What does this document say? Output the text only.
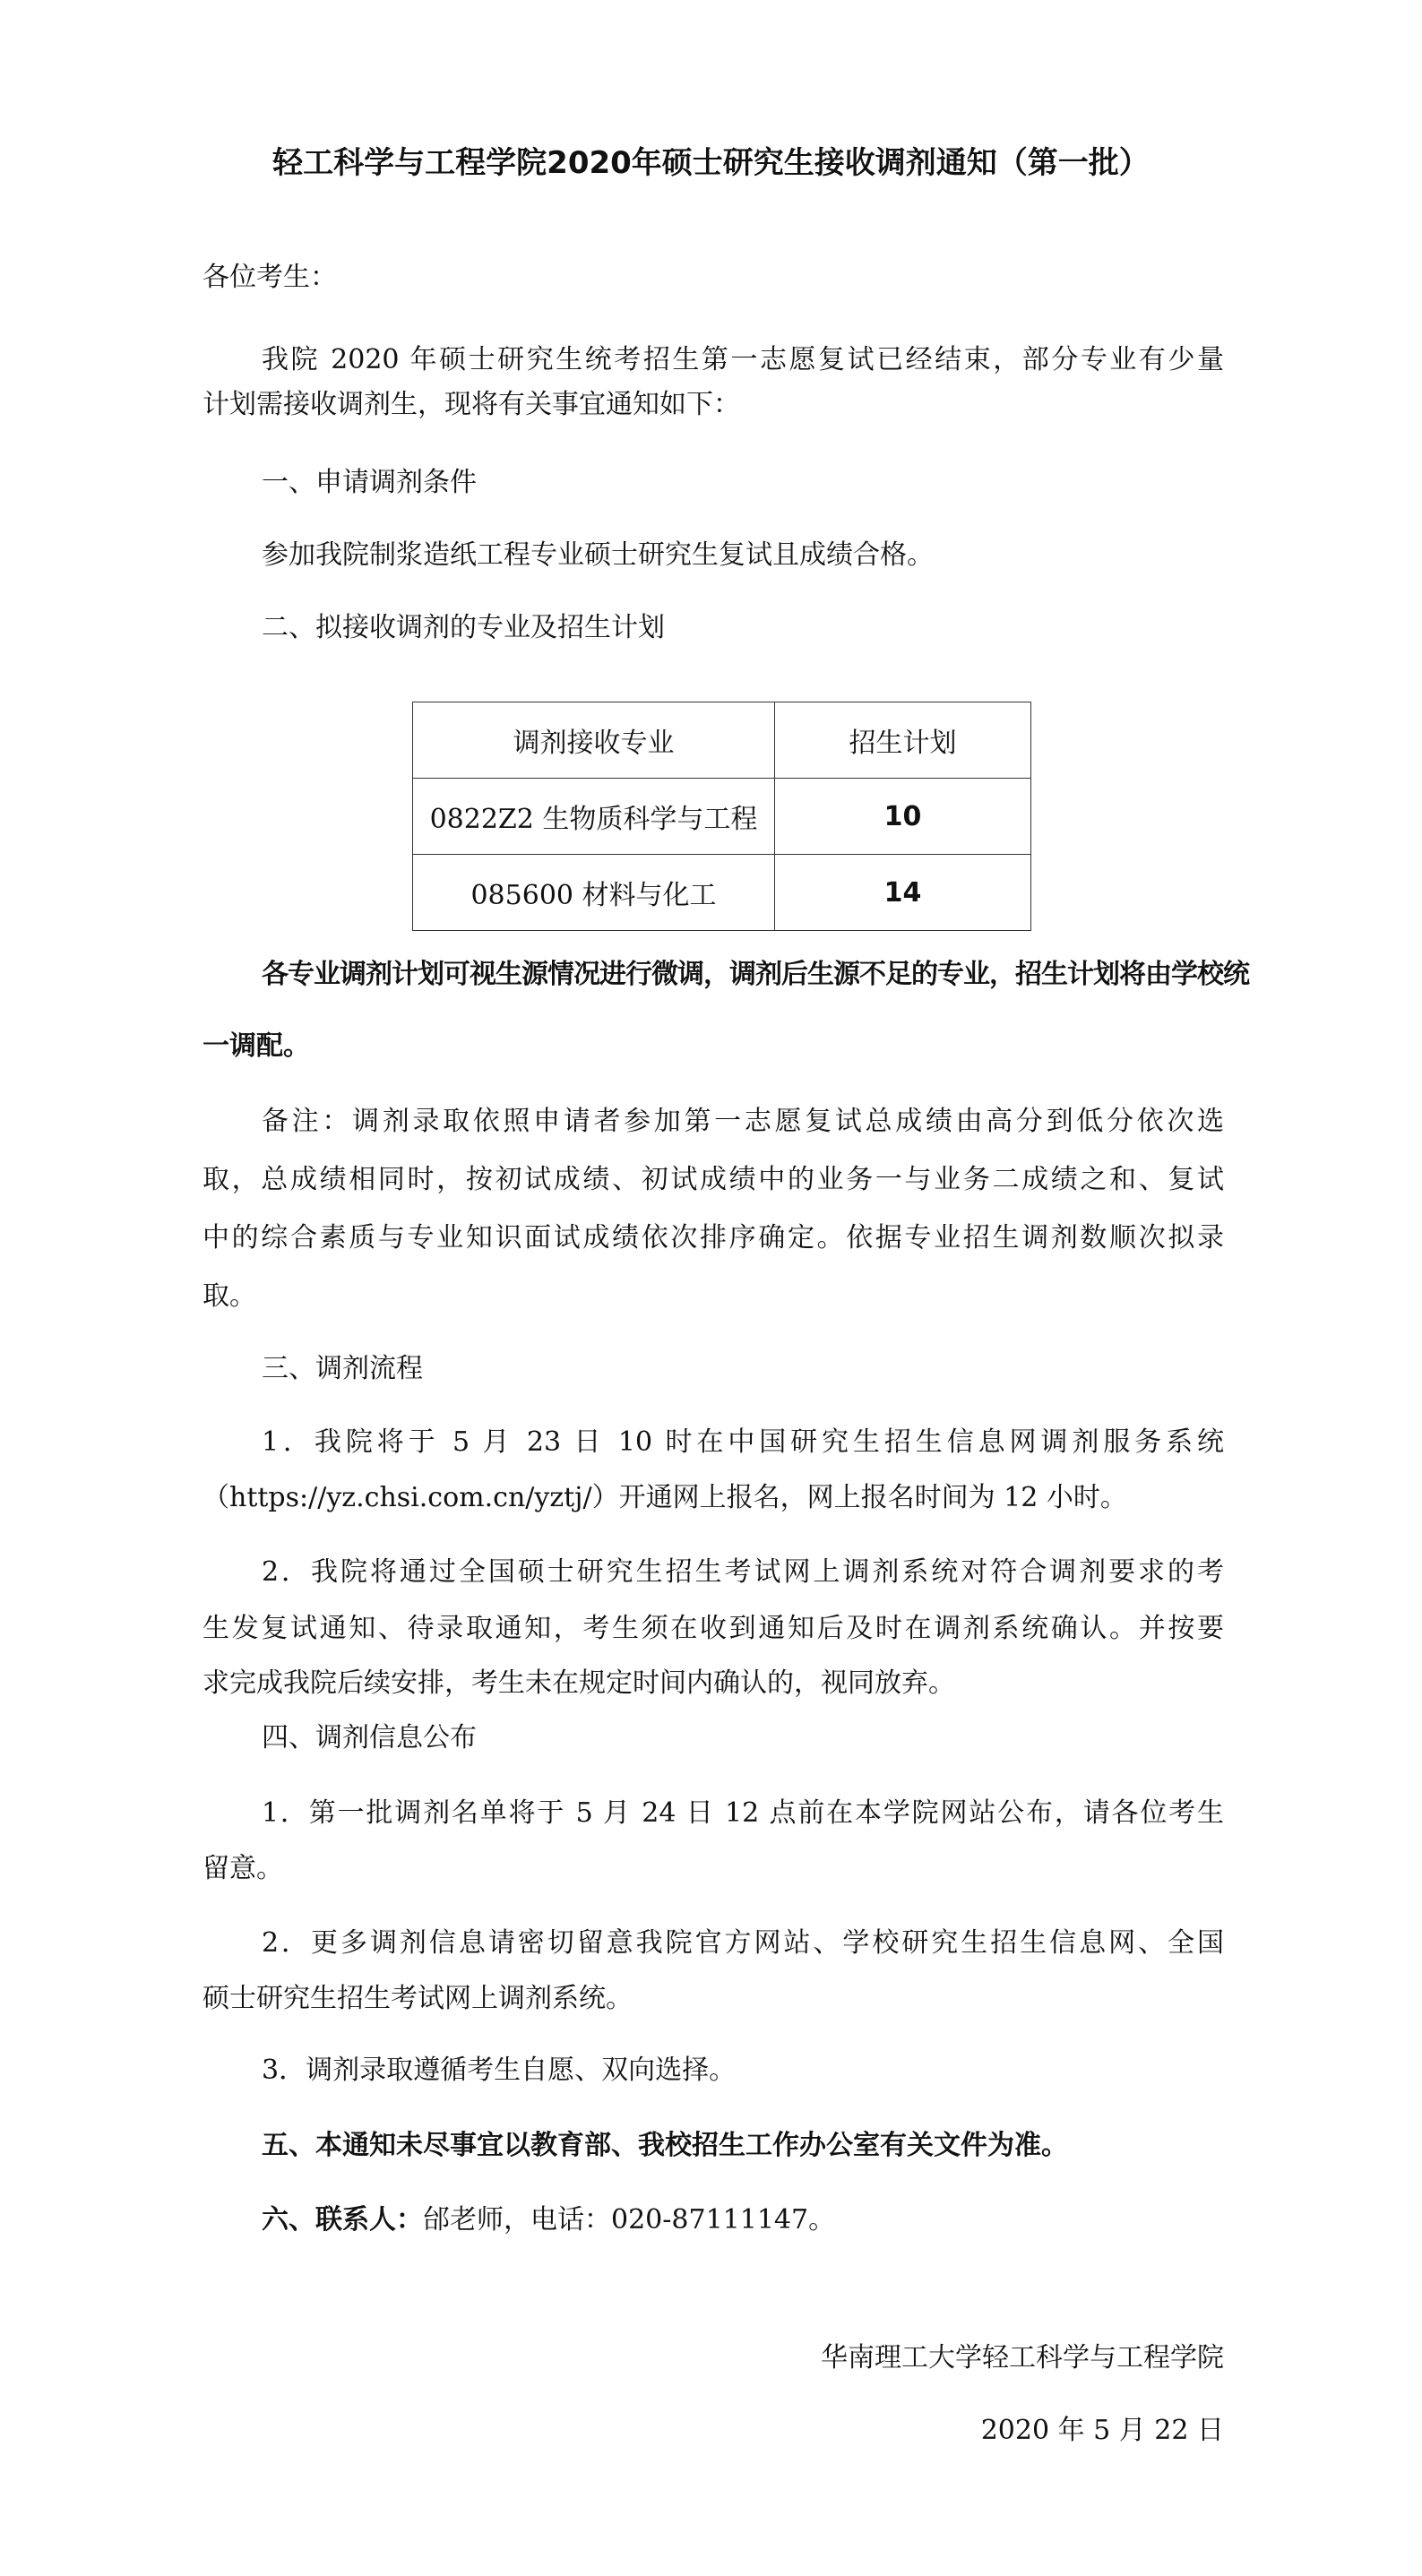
轻工科学与工程学院2020年硕士研究生接收调剂通知（第一批）
各位考生：
我院 2020 年硕士研究生统考招生第一志愿复试已经结束，部分专业有少量
计划需接收调剂生，现将有关事宜通知如下：
一、申请调剂条件
参加我院制浆造纸工程专业硕士研究生复试且成绩合格。
二、拟接收调剂的专业及招生计划
调剂接收专业	招生计划
0822Z2 生物质科学与工程	10
085600 材料与化工	14
各专业调剂计划可视生源情况进行微调，调剂后生源不足的专业，招生计划将由学校统
一调配。
备注：调剂录取依照申请者参加第一志愿复试总成绩由高分到低分依次选
取，总成绩相同时，按初试成绩、初试成绩中的业务一与业务二成绩之和、复试
中的综合素质与专业知识面试成绩依次排序确定。依据专业招生调剂数顺次拟录
取。
三、调剂流程
1．我院将于 5 月 23 日 10 时在中国研究生招生信息网调剂服务系统
（https://yz.chsi.com.cn/yztj/）开通网上报名，网上报名时间为 12 小时。
2．我院将通过全国硕士研究生招生考试网上调剂系统对符合调剂要求的考
生发复试通知、待录取通知，考生须在收到通知后及时在调剂系统确认。并按要
求完成我院后续安排，考生未在规定时间内确认的，视同放弃。
四、调剂信息公布
1．第一批调剂名单将于 5 月 24 日 12 点前在本学院网站公布，请各位考生
留意。
2．更多调剂信息请密切留意我院官方网站、学校研究生招生信息网、全国
硕士研究生招生考试网上调剂系统。
3．调剂录取遵循考生自愿、双向选择。
五、本通知未尽事宜以教育部、我校招生工作办公室有关文件为准。
六、联系人：邰老师，电话：020-87111147。
华南理工大学轻工科学与工程学院
2020 年 5 月 22 日
